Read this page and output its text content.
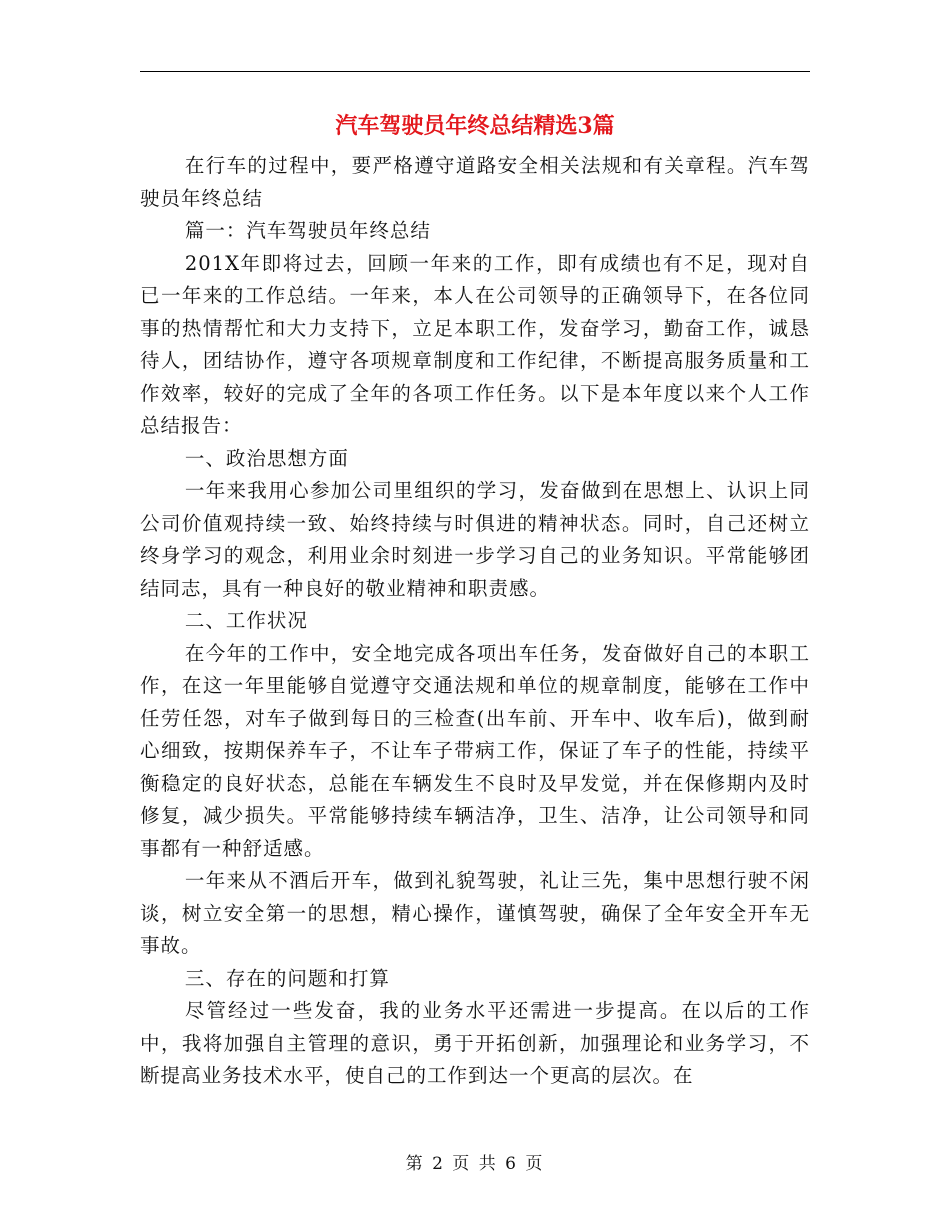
汽车驾驶员年终总结精选3篇

在行车的过程中，要严格遵守道路安全相关法规和有关章程。汽车驾驶员年终总结

篇一：汽车驾驶员年终总结

201X年即将过去，回顾一年来的工作，即有成绩也有不足，现对自已一年来的工作总结。一年来，本人在公司领导的正确领导下，在各位同事的热情帮忙和大力支持下，立足本职工作，发奋学习，勤奋工作，诚恳待人，团结协作，遵守各项规章制度和工作纪律，不断提高服务质量和工作效率，较好的完成了全年的各项工作任务。以下是本年度以来个人工作总结报告：

一、政治思想方面

一年来我用心参加公司里组织的学习，发奋做到在思想上、认识上同公司价值观持续一致、始终持续与时俱进的精神状态。同时，自己还树立终身学习的观念，利用业余时刻进一步学习自己的业务知识。平常能够团结同志，具有一种良好的敬业精神和职责感。

二、工作状况

在今年的工作中，安全地完成各项出车任务，发奋做好自己的本职工作，在这一年里能够自觉遵守交通法规和单位的规章制度，能够在工作中任劳任怨，对车子做到每日的三检查(出车前、开车中、收车后)，做到耐心细致，按期保养车子，不让车子带病工作，保证了车子的性能，持续平衡稳定的良好状态，总能在车辆发生不良时及早发觉，并在保修期内及时修复，减少损失。平常能够持续车辆洁净，卫生、洁净，让公司领导和同事都有一种舒适感。

一年来从不酒后开车，做到礼貌驾驶，礼让三先，集中思想行驶不闲谈，树立安全第一的思想，精心操作，谨慎驾驶，确保了全年安全开车无事故。

三、存在的问题和打算

尽管经过一些发奋，我的业务水平还需进一步提高。在以后的工作中，我将加强自主管理的意识，勇于开拓创新，加强理论和业务学习，不断提高业务技术水平，使自己的工作到达一个更高的层次。在

第 2 页 共 6 页
